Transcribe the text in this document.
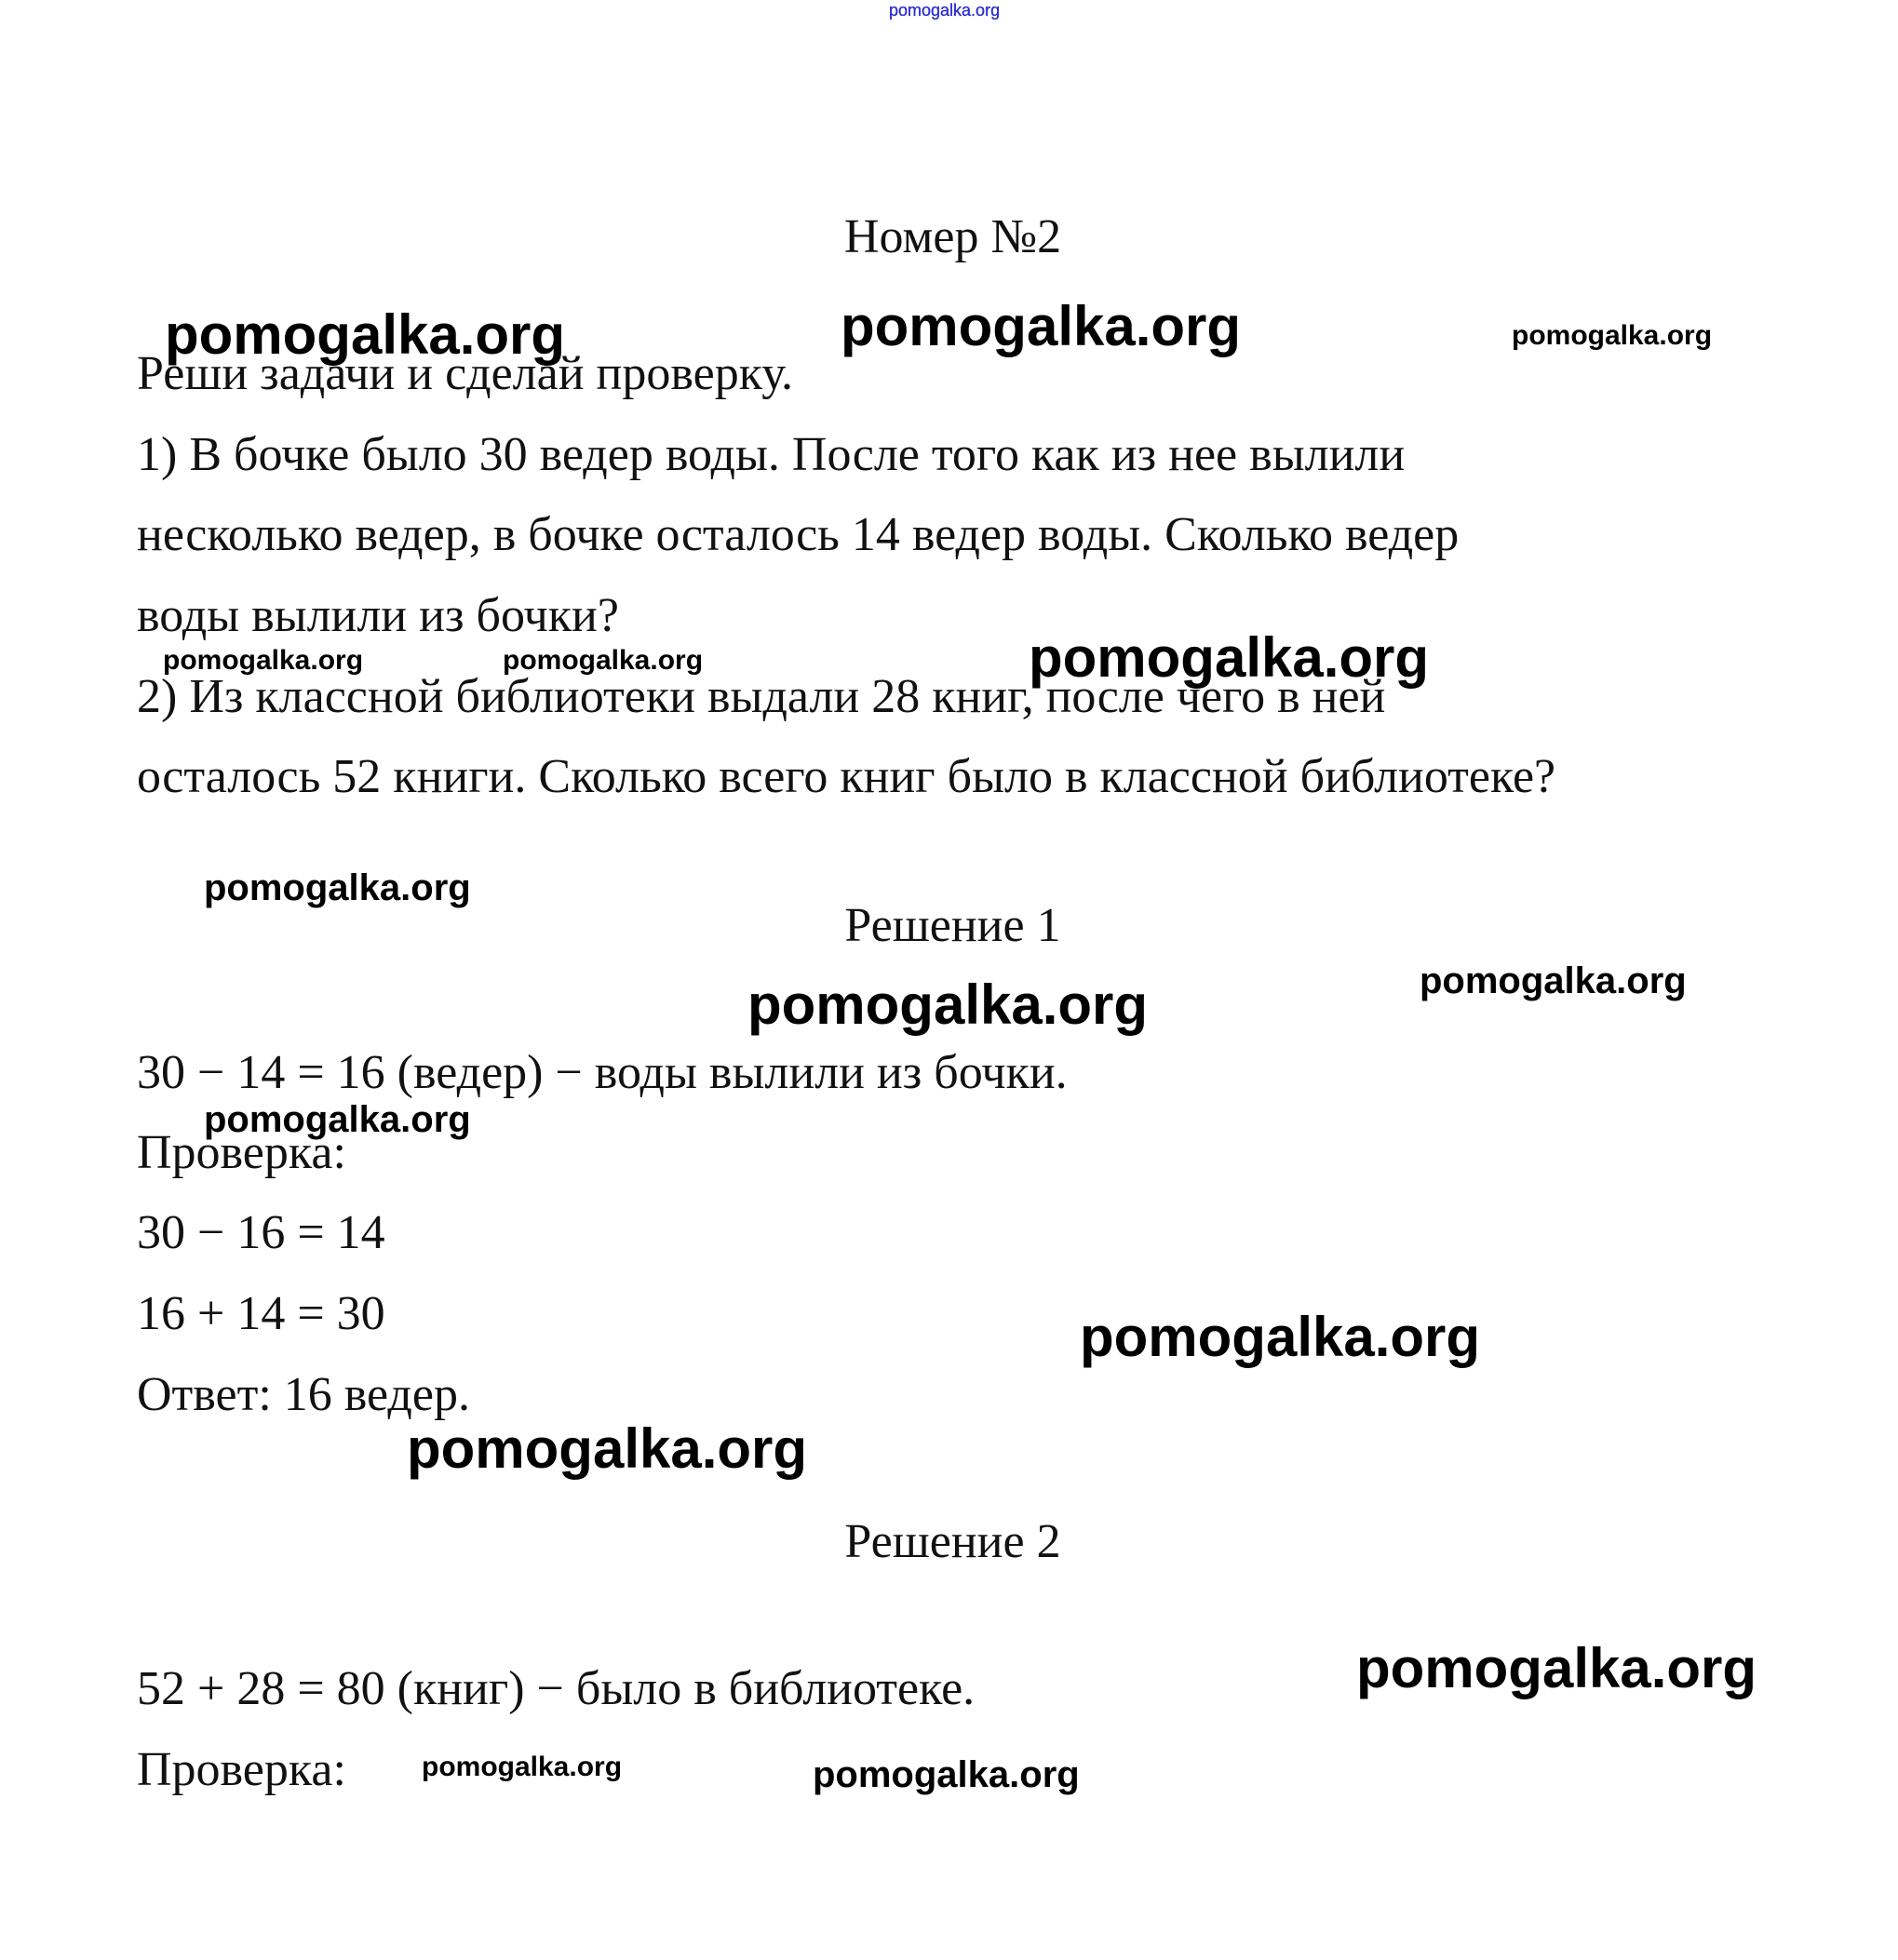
pomogalka.org
Номер №2
Реши задачи и сделай проверку.
1) В бочке было 30 ведер воды. После того как из нее вылили
несколько ведер, в бочке осталось 14 ведер воды. Сколько ведер
воды вылили из бочки?
2) Из классной библиотеки выдали 28 книг, после чего в ней
осталось 52 книги. Сколько всего книг было в классной библиотеке?
Решение 1
30 − 14 = 16 (ведер) − воды вылили из бочки.
Проверка:
30 − 16 = 14
16 + 14 = 30
Ответ: 16 ведер.
Решение 2
52 + 28 = 80 (книг) − было в библиотеке.
Проверка:
pomogalka.org	pomogalka.org	pomogalka.org
pomogalka.org	pomogalka.org	pomogalka.org
pomogalka.org
pomogalka.org
pomogalka.org
pomogalka.org
pomogalka.org
pomogalka.org
pomogalka.org
pomogalka.org	pomogalka.org
